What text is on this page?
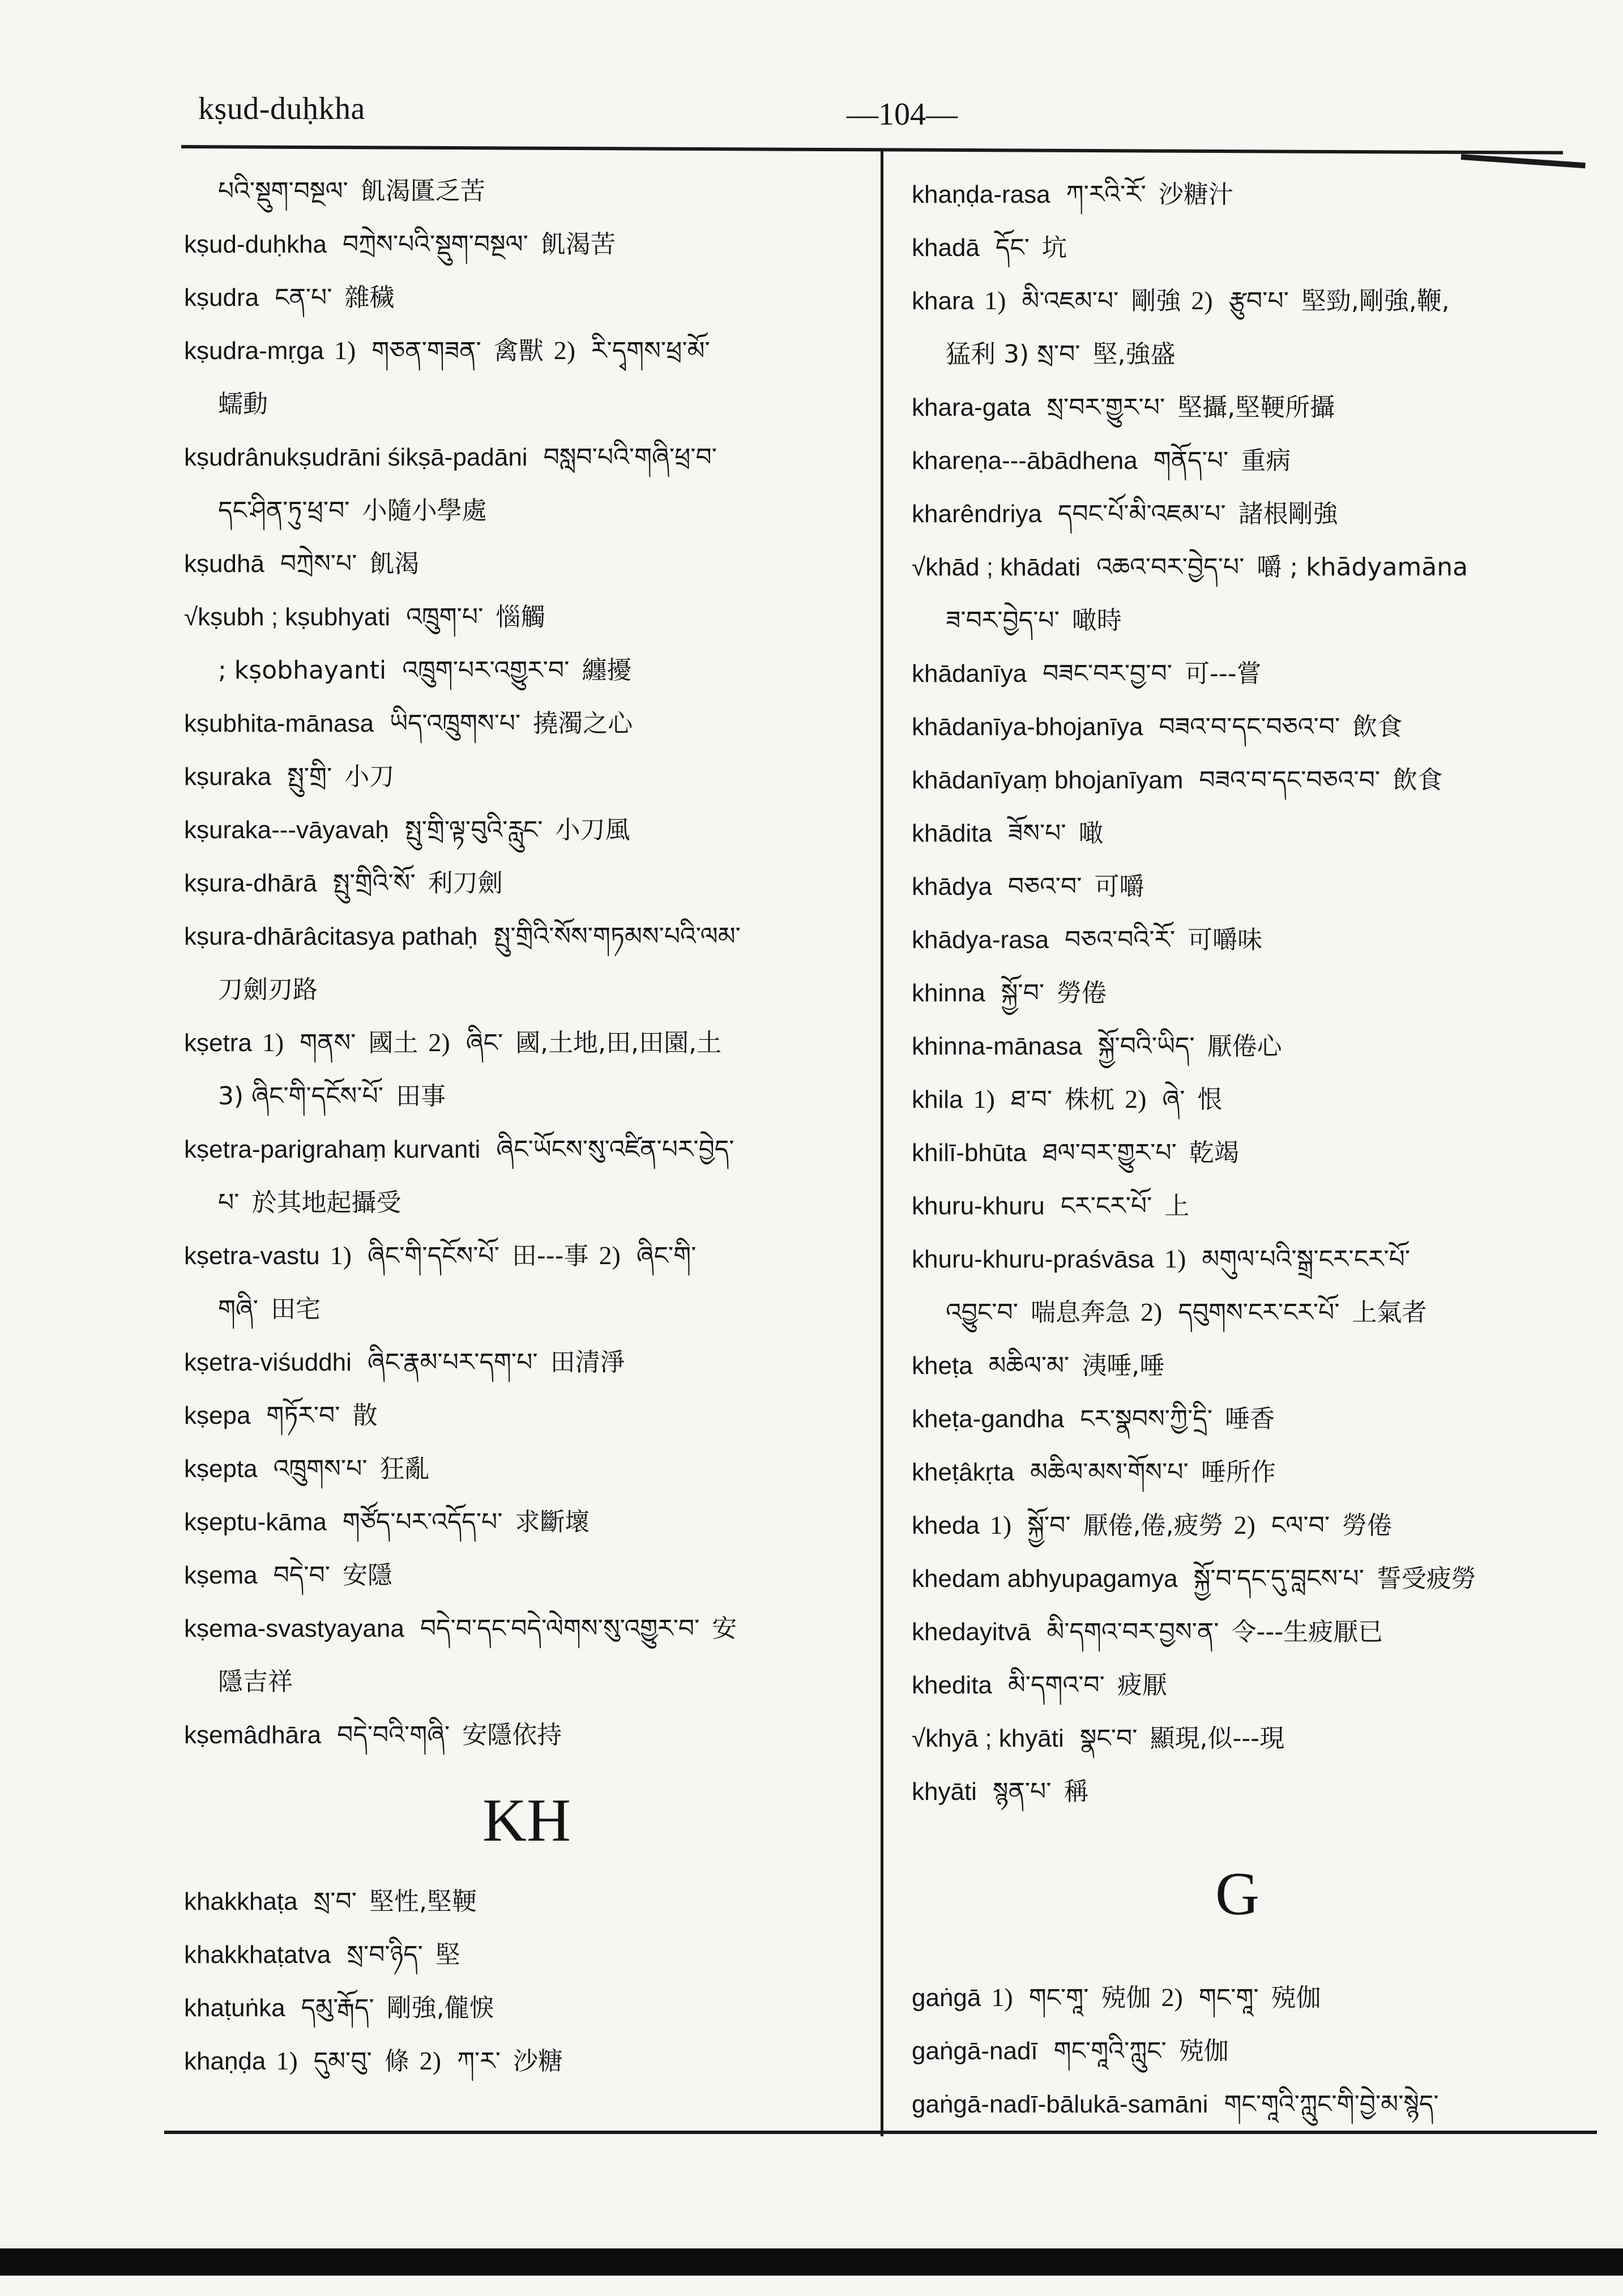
kṣud-duḥkha	—104—
པའི་སྡུག་བསྔལ་ 飢渴匱乏苦
kṣud-duḥkha བཀྲེས་པའི་སྡུག་བསྔལ་ 飢渴苦
kṣudra ངན་པ་ 雜穢
kṣudra-mṛga 1) གཅན་གཟན་ 禽獸 2) རི་དྭགས་ཕྲ་མོ་
蠕動
kṣudrânukṣudrāni śikṣā-padāni བསླབ་པའི་གཞི་ཕྲ་བ་
དང་ཤིན་ཏུ་ཕྲ་བ་ 小隨小學處
kṣudhā བཀྲེས་པ་ 飢渴
√ kṣubh ; kṣubhyati འཁྲུག་པ་ 惱觸
; kṣobhayanti འཁྲུག་པར་འགྱུར་བ་ 纏擾
kṣubhita-mānasa ཡིད་འཁྲུགས་པ་ 撓濁之心
kṣuraka སྤུ་གྲི་ 小刀
kṣuraka---vāyavaḥ སྤུ་གྲི་ལྟ་བུའི་རླུང་ 小刀風
kṣura-dhārā སྤུ་གྲིའི་སོ་ 利刀劍
kṣura-dhārâcitasya pathaḥ སྤུ་གྲིའི་སོས་གཏམས་པའི་ལམ་
刀劍刃路
kṣetra 1) གནས་ 國土 2) ཞིང་ 國,土地,田,田園,土
3) ཞིང་གི་དངོས་པོ་ 田事
kṣetra-parigrahaṃ kurvanti ཞིང་ཡོངས་སུ་འཛིན་པར་བྱེད་
པ་ 於其地起攝受
kṣetra-vastu 1) ཞིང་གི་དངོས་པོ་ 田---事 2) ཞིང་གི་
གཞི་ 田宅
kṣetra-viśuddhi ཞིང་རྣམ་པར་དག་པ་ 田清淨
kṣepa གཏོར་བ་ 散
kṣepta འཁྲུགས་པ་ 狂亂
kṣeptu-kāma གཙོད་པར་འདོད་པ་ 求斷壞
kṣema བདེ་བ་ 安隱
kṣema-svastyayana བདེ་བ་དང་བདེ་ལེགས་སུ་འགྱུར་བ་ 安
隱吉祥
kṣemâdhāra བདེ་བའི་གཞི་ 安隱依持
KH
khakkhaṭa སྲ་བ་ 堅性,堅鞕
khakkhaṭatva སྲ་བ་ཉིད་ 堅
khaṭuṅka དམུ་རྒོད་ 剛強,儱悷
khaṇḍa 1) དུམ་བུ་ 條 2) ཀ་ར་ 沙糖
khaṇḍa-rasa ཀ་རའི་རོ་ 沙糖汁
khadā དོང་ 坑
khara 1) མི་འཇམ་པ་ 剛強 2) རྩུབ་པ་ 堅勁,剛強,鞭,
猛利 3) སྲ་བ་ 堅,強盛
khara-gata སྲ་བར་གྱུར་པ་ 堅攝,堅鞕所攝
khareṇa---ābādhena གནོད་པ་ 重病
kharêndriya དབང་པོ་མི་འཇམ་པ་ 諸根剛強
√ khād ; khādati འཆའ་བར་བྱེད་པ་ 嚼 ; khādyamāna
ཟ་བར་བྱེད་པ་ 噉時
khādanīya བཟང་བར་བྱ་བ་ 可---嘗
khādanīya-bhojanīya བཟའ་བ་དང་བཅའ་བ་ 飲食
khādanīyaṃ bhojanīyam བཟའ་བ་དང་བཅའ་བ་ 飲食
khādita ཟོས་པ་ 噉
khādya བཅའ་བ་ 可嚼
khādya-rasa བཅའ་བའི་རོ་ 可嚼味
khinna སྐྱོ་བ་ 勞倦
khinna-mānasa སྐྱོ་བའི་ཡིད་ 厭倦心
khila 1) ཐ་བ་ 株杌 2) ཞེ་ 恨
khilī-bhūta ཐལ་བར་གྱུར་པ་ 乾竭
khuru-khuru ངར་ངར་པོ་ 上
khuru-khuru-praśvāsa 1) མགུལ་པའི་སྒྲ་ངར་ངར་པོ་
འབྱུང་བ་ 喘息奔急 2) དབུགས་ངར་ངར་པོ་ 上氣者
kheṭa མཆིལ་མ་ 洟唾,唾
kheṭa-gandha ངར་སྣབས་ཀྱི་དྲི་ 唾香
kheṭâkṛta མཆིལ་མས་གོས་པ་ 唾所作
kheda 1) སྐྱོ་བ་ 厭倦,倦,疲勞 2) ངལ་བ་ 勞倦
khedam abhyupagamya སྐྱོ་བ་དང་དུ་བླངས་པ་ 誓受疲勞
khedayitvā མི་དགའ་བར་བྱས་ན་ 令---生疲厭已
khedita མི་དགའ་བ་ 疲厭
√ khyā ; khyāti སྣང་བ་ 顯現,似---現
khyāti སྙན་པ་ 稱
G
gaṅgā 1) གང་གཱ་ 殑伽 2) གང་གཱ་ 殑伽
gaṅgā-nadī གང་གཱའི་ཀླུང་ 殑伽
gaṅgā-nadī-bālukā-samāni གང་གཱའི་ཀླུང་གི་བྱེ་མ་སྙེད་
